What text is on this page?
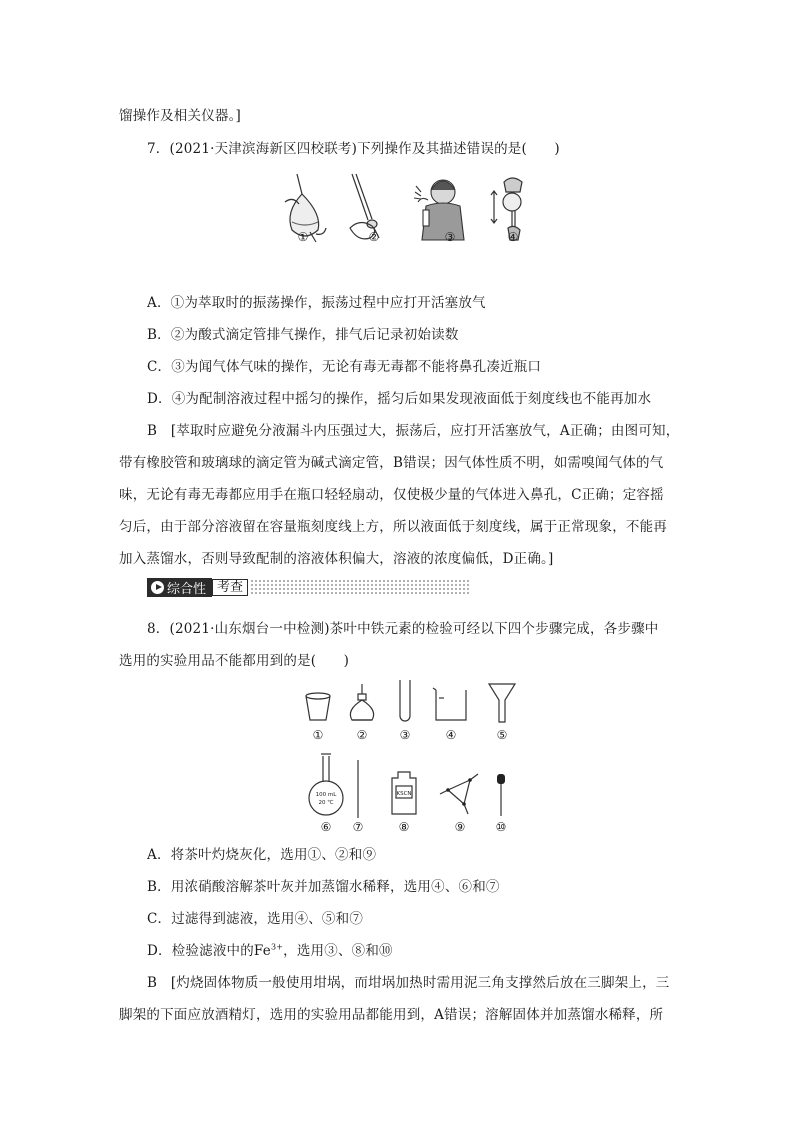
馏操作及相关仪器。]
7．(2021·天津滨海新区四校联考)下列操作及其描述错误的是(　　)
①	②	③	④
A．①为萃取时的振荡操作，振荡过程中应打开活塞放气
B．②为酸式滴定管排气操作，排气后记录初始读数
C．③为闻气体气味的操作，无论有毒无毒都不能将鼻孔凑近瓶口
D．④为配制溶液过程中摇匀的操作，摇匀后如果发现液面低于刻度线也不能再加水
B　[萃取时应避免分液漏斗内压强过大，振荡后，应打开活塞放气，A正确；由图可知，
带有橡胶管和玻璃球的滴定管为碱式滴定管，B错误；因气体性质不明，如需嗅闻气体的气
味，无论有毒无毒都应用手在瓶口轻轻扇动，仅使极少量的气体进入鼻孔，C正确；定容摇
匀后，由于部分溶液留在容量瓶刻度线上方，所以液面低于刻度线，属于正常现象，不能再
加入蒸馏水，否则导致配制的溶液体积偏大，溶液的浓度偏低，D正确。]
综合性 考查
8．(2021·山东烟台一中检测)茶叶中铁元素的检验可经以下四个步骤完成，各步骤中
选用的实验用品不能都用到的是(　　)
100 mL
20 ℃
KSCN
①	②	③	④	⑤
⑥	⑦	⑧	⑨	⑩
A．将茶叶灼烧灰化，选用①、②和⑨
B．用浓硝酸溶解茶叶灰并加蒸馏水稀释，选用④、⑥和⑦
C．过滤得到滤液，选用④、⑤和⑦
D．检验滤液中的$Fe^{3+}$，选用③、⑧和⑩
B　[灼烧固体物质一般使用坩埚，而坩埚加热时需用泥三角支撑然后放在三脚架上，三
脚架的下面应放酒精灯，选用的实验用品都能用到，A错误；溶解固体并加蒸馏水稀释，所
